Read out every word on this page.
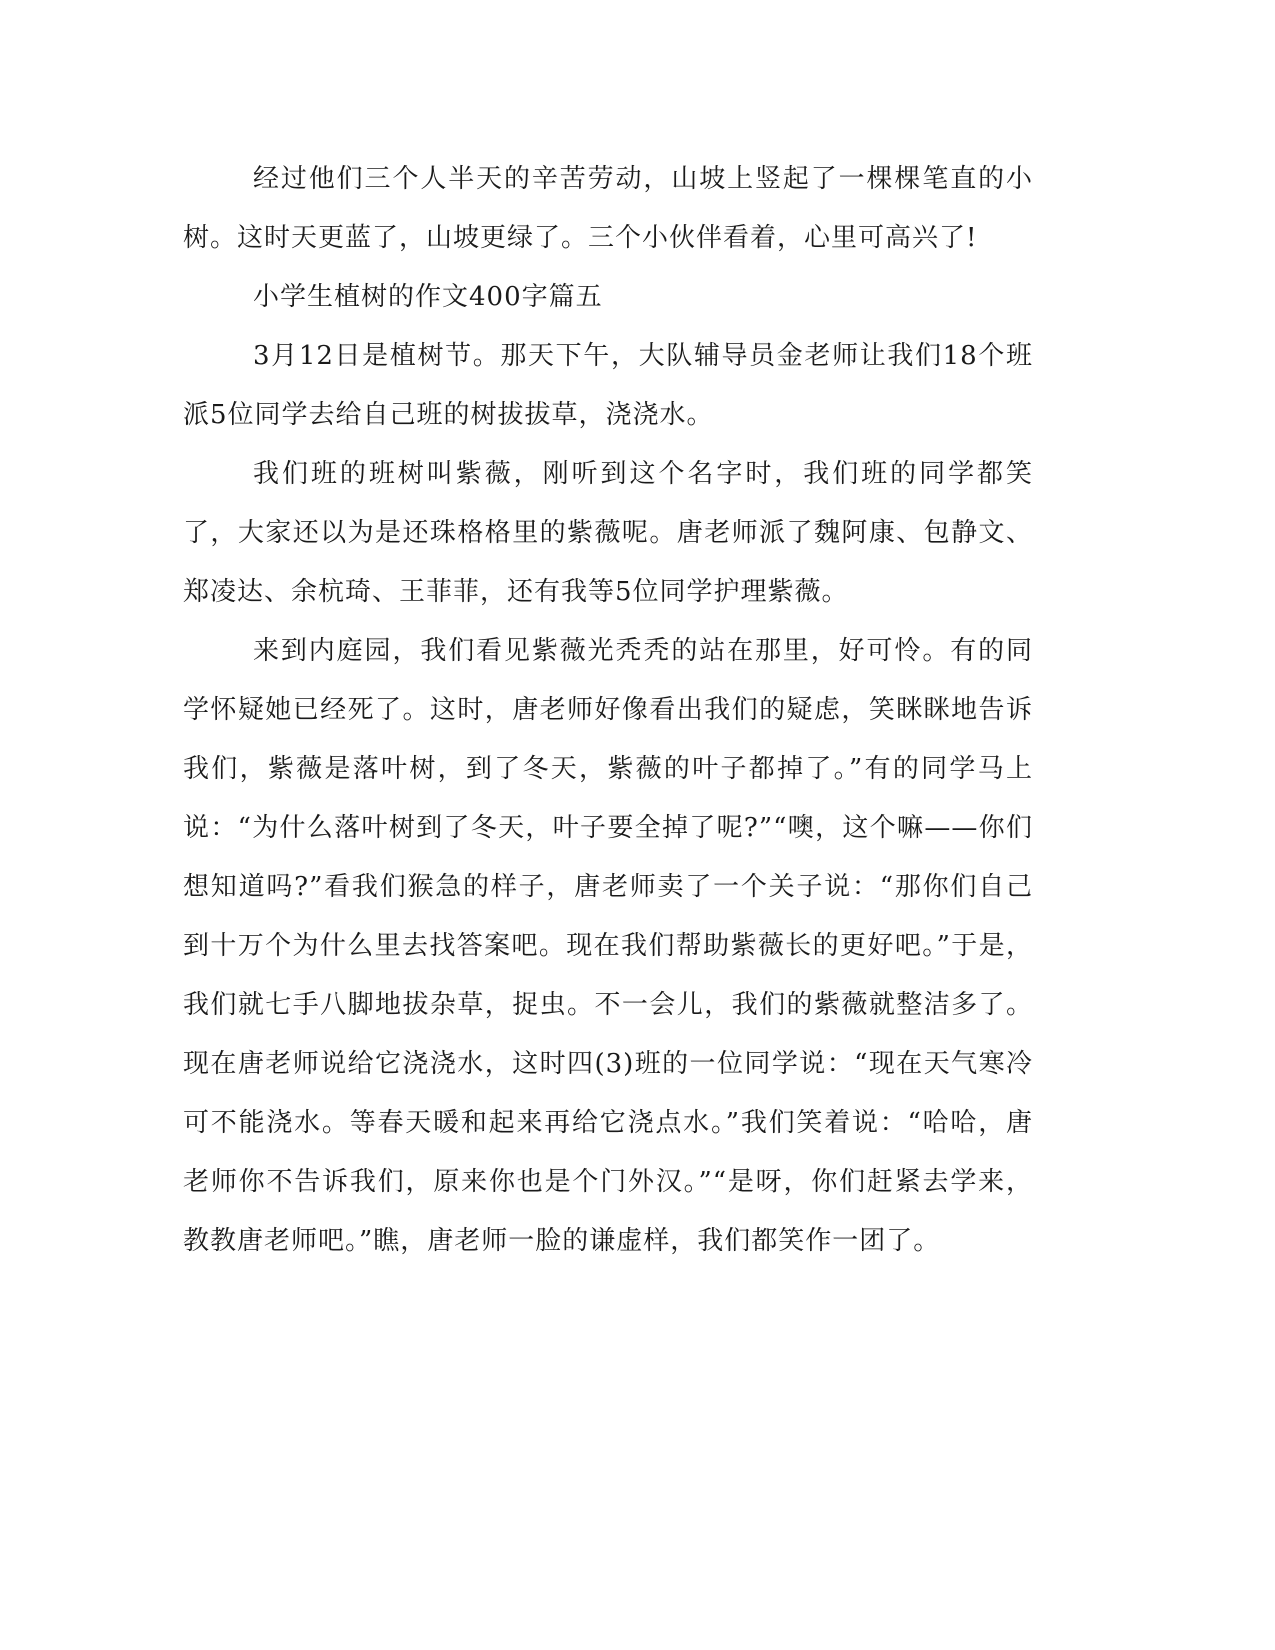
经过他们三个人半天的辛苦劳动，山坡上竖起了一棵棵笔直的小树。这时天更蓝了，山坡更绿了。三个小伙伴看着，心里可高兴了!

小学生植树的作文400字篇五

3月12日是植树节。那天下午，大队辅导员金老师让我们18个班派5位同学去给自己班的树拔拔草，浇浇水。

我们班的班树叫紫薇，刚听到这个名字时，我们班的同学都笑了，大家还以为是还珠格格里的紫薇呢。唐老师派了魏阿康、包静文、郑凌达、余杭琦、王菲菲，还有我等5位同学护理紫薇。

来到内庭园，我们看见紫薇光秃秃的站在那里，好可怜。有的同学怀疑她已经死了。这时，唐老师好像看出我们的疑虑，笑眯眯地告诉我们，紫薇是落叶树，到了冬天，紫薇的叶子都掉了。”有的同学马上说：“为什么落叶树到了冬天，叶子要全掉了呢?”“噢，这个嘛——你们想知道吗?”看我们猴急的样子，唐老师卖了一个关子说：“那你们自己到十万个为什么里去找答案吧。现在我们帮助紫薇长的更好吧。”于是，我们就七手八脚地拔杂草，捉虫。不一会儿，我们的紫薇就整洁多了。现在唐老师说给它浇浇水，这时四(3)班的一位同学说：“现在天气寒冷可不能浇水。等春天暖和起来再给它浇点水。”我们笑着说：“哈哈，唐老师你不告诉我们，原来你也是个门外汉。”“是呀，你们赶紧去学来，教教唐老师吧。”瞧，唐老师一脸的谦虚样，我们都笑作一团了。
